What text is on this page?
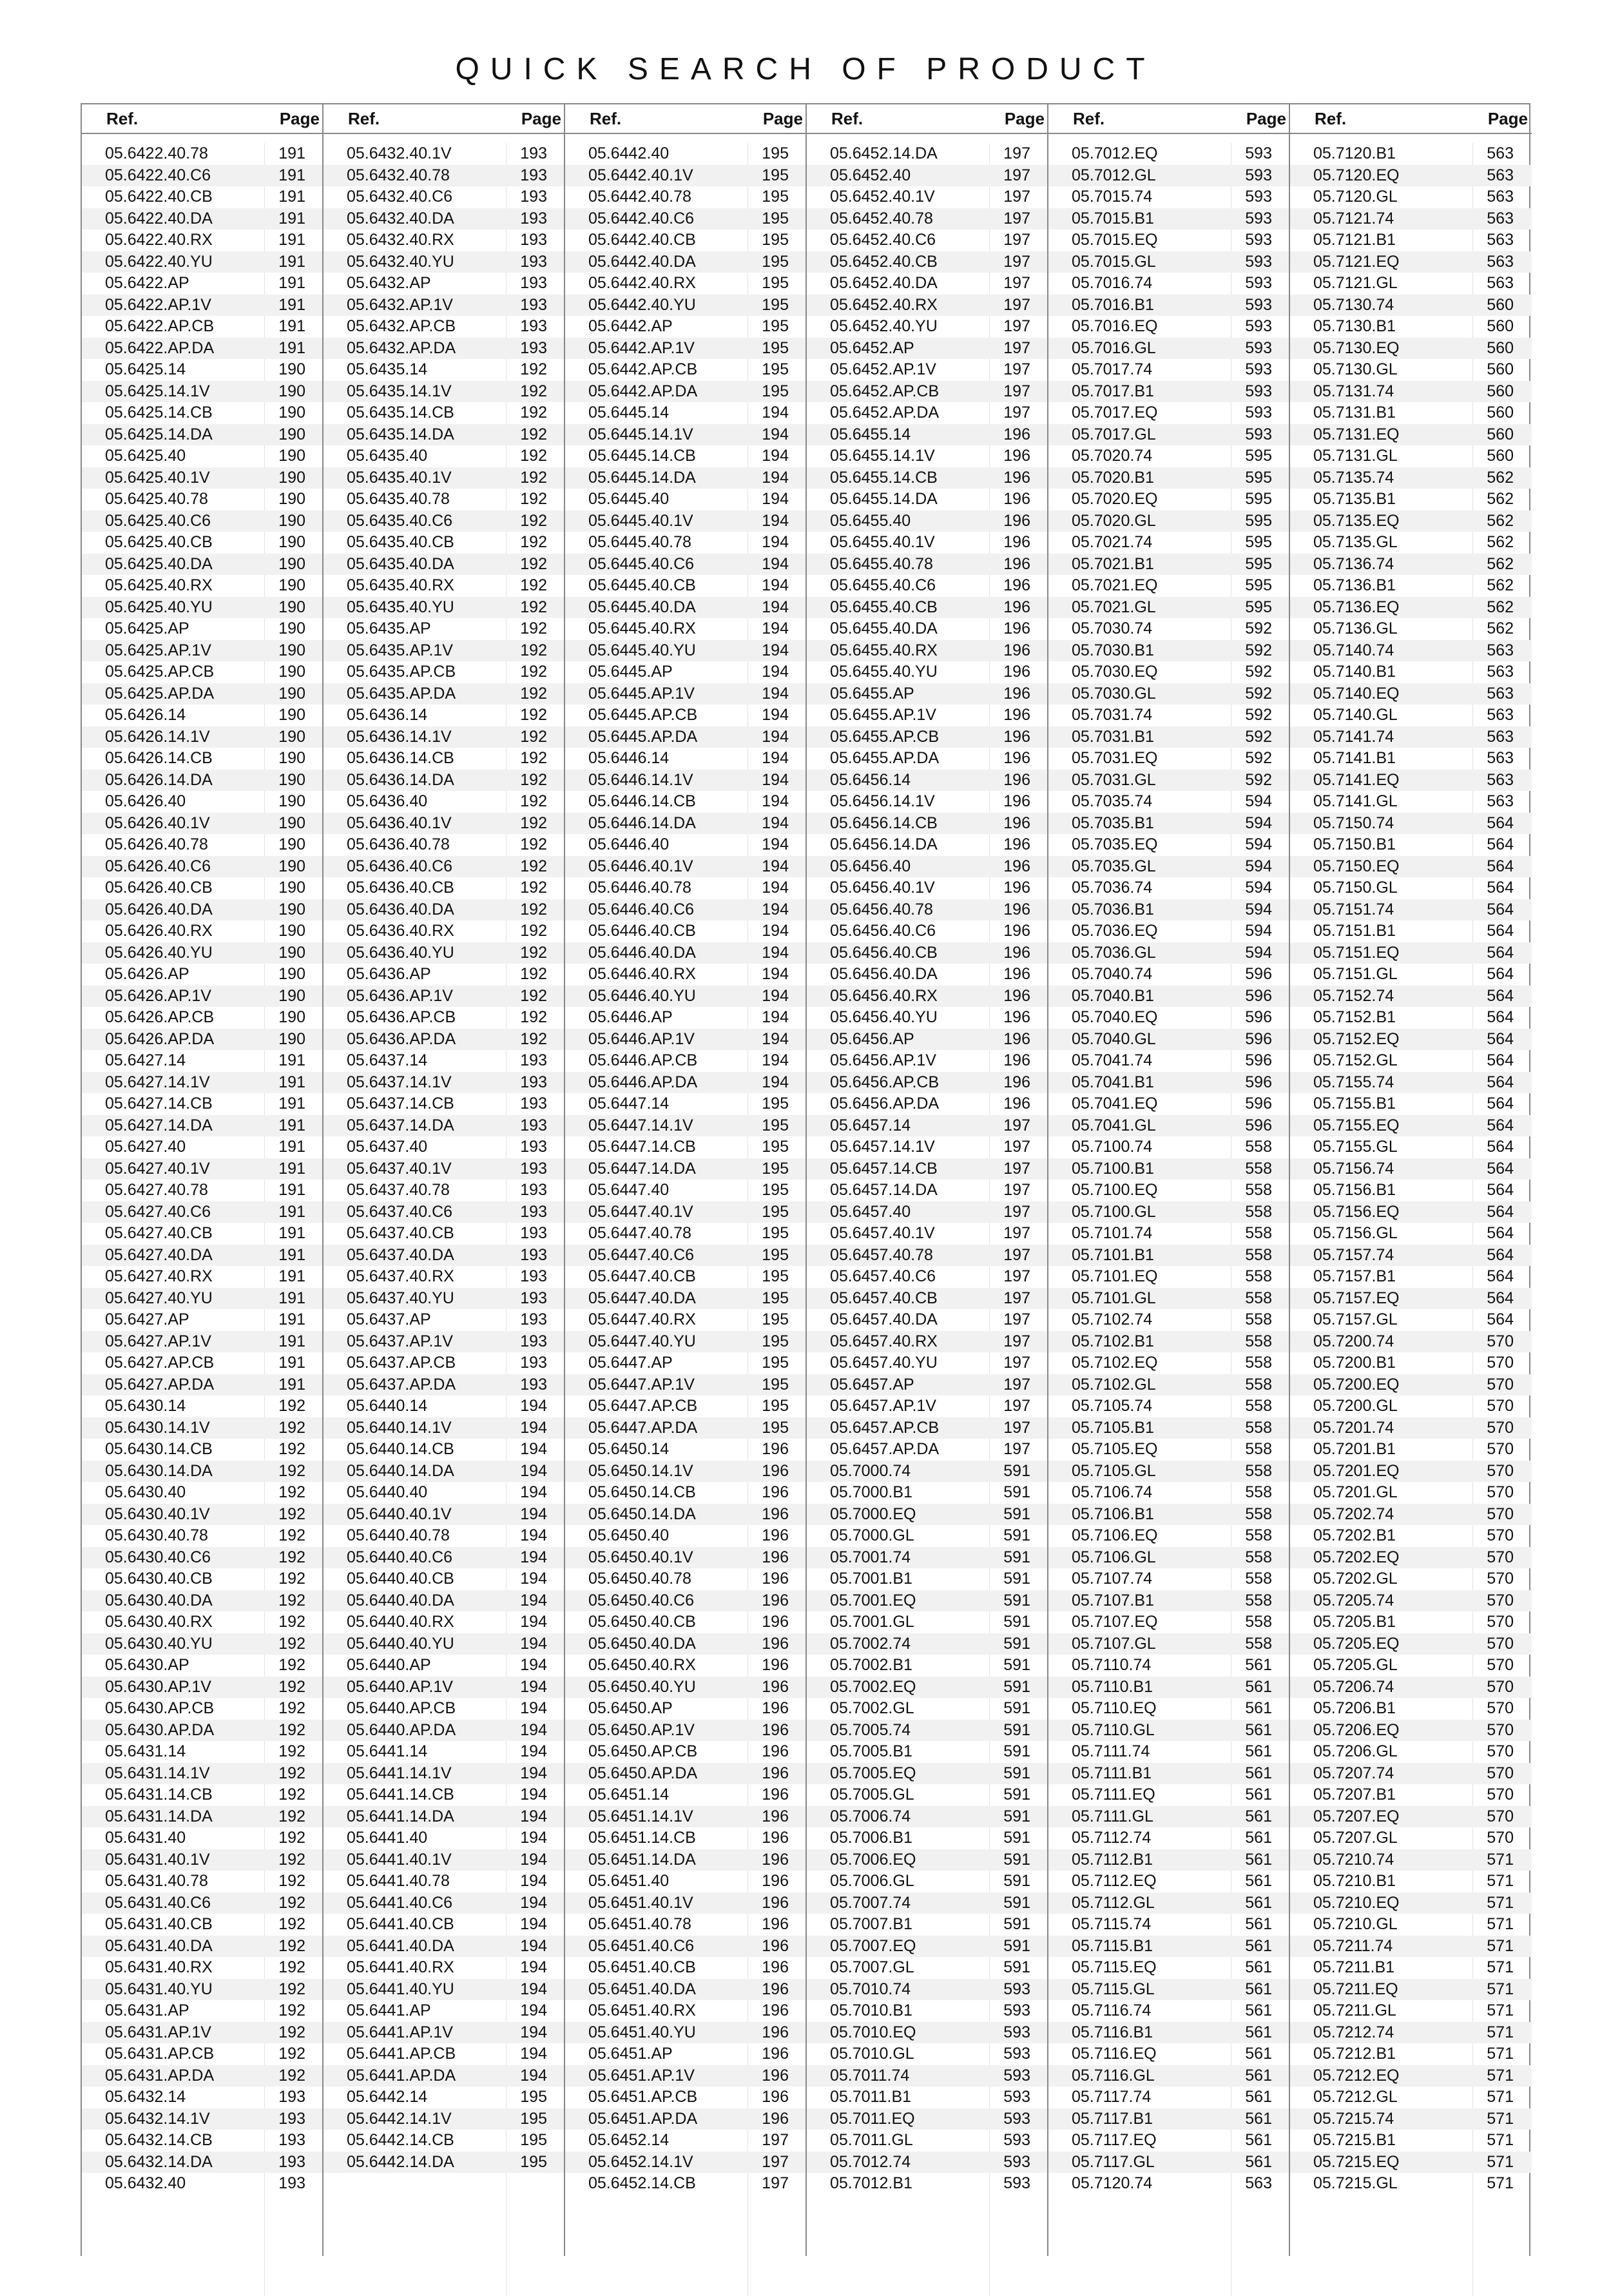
QUICK SEARCH OF PRODUCT
Ref.	Page
05.6422.40.78	191
05.6422.40.C6	191
05.6422.40.CB	191
05.6422.40.DA	191
05.6422.40.RX	191
05.6422.40.YU	191
05.6422.AP	191
05.6422.AP.1V	191
05.6422.AP.CB	191
05.6422.AP.DA	191
05.6425.14	190
05.6425.14.1V	190
05.6425.14.CB	190
05.6425.14.DA	190
05.6425.40	190
05.6425.40.1V	190
05.6425.40.78	190
05.6425.40.C6	190
05.6425.40.CB	190
05.6425.40.DA	190
05.6425.40.RX	190
05.6425.40.YU	190
05.6425.AP	190
05.6425.AP.1V	190
05.6425.AP.CB	190
05.6425.AP.DA	190
05.6426.14	190
05.6426.14.1V	190
05.6426.14.CB	190
05.6426.14.DA	190
05.6426.40	190
05.6426.40.1V	190
05.6426.40.78	190
05.6426.40.C6	190
05.6426.40.CB	190
05.6426.40.DA	190
05.6426.40.RX	190
05.6426.40.YU	190
05.6426.AP	190
05.6426.AP.1V	190
05.6426.AP.CB	190
05.6426.AP.DA	190
05.6427.14	191
05.6427.14.1V	191
05.6427.14.CB	191
05.6427.14.DA	191
05.6427.40	191
05.6427.40.1V	191
05.6427.40.78	191
05.6427.40.C6	191
05.6427.40.CB	191
05.6427.40.DA	191
05.6427.40.RX	191
05.6427.40.YU	191
05.6427.AP	191
05.6427.AP.1V	191
05.6427.AP.CB	191
05.6427.AP.DA	191
05.6430.14	192
05.6430.14.1V	192
05.6430.14.CB	192
05.6430.14.DA	192
05.6430.40	192
05.6430.40.1V	192
05.6430.40.78	192
05.6430.40.C6	192
05.6430.40.CB	192
05.6430.40.DA	192
05.6430.40.RX	192
05.6430.40.YU	192
05.6430.AP	192
05.6430.AP.1V	192
05.6430.AP.CB	192
05.6430.AP.DA	192
05.6431.14	192
05.6431.14.1V	192
05.6431.14.CB	192
05.6431.14.DA	192
05.6431.40	192
05.6431.40.1V	192
05.6431.40.78	192
05.6431.40.C6	192
05.6431.40.CB	192
05.6431.40.DA	192
05.6431.40.RX	192
05.6431.40.YU	192
05.6431.AP	192
05.6431.AP.1V	192
05.6431.AP.CB	192
05.6431.AP.DA	192
05.6432.14	193
05.6432.14.1V	193
05.6432.14.CB	193
05.6432.14.DA	193
05.6432.40	193
Ref.	Page
05.6432.40.1V	193
05.6432.40.78	193
05.6432.40.C6	193
05.6432.40.DA	193
05.6432.40.RX	193
05.6432.40.YU	193
05.6432.AP	193
05.6432.AP.1V	193
05.6432.AP.CB	193
05.6432.AP.DA	193
05.6435.14	192
05.6435.14.1V	192
05.6435.14.CB	192
05.6435.14.DA	192
05.6435.40	192
05.6435.40.1V	192
05.6435.40.78	192
05.6435.40.C6	192
05.6435.40.CB	192
05.6435.40.DA	192
05.6435.40.RX	192
05.6435.40.YU	192
05.6435.AP	192
05.6435.AP.1V	192
05.6435.AP.CB	192
05.6435.AP.DA	192
05.6436.14	192
05.6436.14.1V	192
05.6436.14.CB	192
05.6436.14.DA	192
05.6436.40	192
05.6436.40.1V	192
05.6436.40.78	192
05.6436.40.C6	192
05.6436.40.CB	192
05.6436.40.DA	192
05.6436.40.RX	192
05.6436.40.YU	192
05.6436.AP	192
05.6436.AP.1V	192
05.6436.AP.CB	192
05.6436.AP.DA	192
05.6437.14	193
05.6437.14.1V	193
05.6437.14.CB	193
05.6437.14.DA	193
05.6437.40	193
05.6437.40.1V	193
05.6437.40.78	193
05.6437.40.C6	193
05.6437.40.CB	193
05.6437.40.DA	193
05.6437.40.RX	193
05.6437.40.YU	193
05.6437.AP	193
05.6437.AP.1V	193
05.6437.AP.CB	193
05.6437.AP.DA	193
05.6440.14	194
05.6440.14.1V	194
05.6440.14.CB	194
05.6440.14.DA	194
05.6440.40	194
05.6440.40.1V	194
05.6440.40.78	194
05.6440.40.C6	194
05.6440.40.CB	194
05.6440.40.DA	194
05.6440.40.RX	194
05.6440.40.YU	194
05.6440.AP	194
05.6440.AP.1V	194
05.6440.AP.CB	194
05.6440.AP.DA	194
05.6441.14	194
05.6441.14.1V	194
05.6441.14.CB	194
05.6441.14.DA	194
05.6441.40	194
05.6441.40.1V	194
05.6441.40.78	194
05.6441.40.C6	194
05.6441.40.CB	194
05.6441.40.DA	194
05.6441.40.RX	194
05.6441.40.YU	194
05.6441.AP	194
05.6441.AP.1V	194
05.6441.AP.CB	194
05.6441.AP.DA	194
05.6442.14	195
05.6442.14.1V	195
05.6442.14.CB	195
05.6442.14.DA	195
Ref.	Page
05.6442.40	195
05.6442.40.1V	195
05.6442.40.78	195
05.6442.40.C6	195
05.6442.40.CB	195
05.6442.40.DA	195
05.6442.40.RX	195
05.6442.40.YU	195
05.6442.AP	195
05.6442.AP.1V	195
05.6442.AP.CB	195
05.6442.AP.DA	195
05.6445.14	194
05.6445.14.1V	194
05.6445.14.CB	194
05.6445.14.DA	194
05.6445.40	194
05.6445.40.1V	194
05.6445.40.78	194
05.6445.40.C6	194
05.6445.40.CB	194
05.6445.40.DA	194
05.6445.40.RX	194
05.6445.40.YU	194
05.6445.AP	194
05.6445.AP.1V	194
05.6445.AP.CB	194
05.6445.AP.DA	194
05.6446.14	194
05.6446.14.1V	194
05.6446.14.CB	194
05.6446.14.DA	194
05.6446.40	194
05.6446.40.1V	194
05.6446.40.78	194
05.6446.40.C6	194
05.6446.40.CB	194
05.6446.40.DA	194
05.6446.40.RX	194
05.6446.40.YU	194
05.6446.AP	194
05.6446.AP.1V	194
05.6446.AP.CB	194
05.6446.AP.DA	194
05.6447.14	195
05.6447.14.1V	195
05.6447.14.CB	195
05.6447.14.DA	195
05.6447.40	195
05.6447.40.1V	195
05.6447.40.78	195
05.6447.40.C6	195
05.6447.40.CB	195
05.6447.40.DA	195
05.6447.40.RX	195
05.6447.40.YU	195
05.6447.AP	195
05.6447.AP.1V	195
05.6447.AP.CB	195
05.6447.AP.DA	195
05.6450.14	196
05.6450.14.1V	196
05.6450.14.CB	196
05.6450.14.DA	196
05.6450.40	196
05.6450.40.1V	196
05.6450.40.78	196
05.6450.40.C6	196
05.6450.40.CB	196
05.6450.40.DA	196
05.6450.40.RX	196
05.6450.40.YU	196
05.6450.AP	196
05.6450.AP.1V	196
05.6450.AP.CB	196
05.6450.AP.DA	196
05.6451.14	196
05.6451.14.1V	196
05.6451.14.CB	196
05.6451.14.DA	196
05.6451.40	196
05.6451.40.1V	196
05.6451.40.78	196
05.6451.40.C6	196
05.6451.40.CB	196
05.6451.40.DA	196
05.6451.40.RX	196
05.6451.40.YU	196
05.6451.AP	196
05.6451.AP.1V	196
05.6451.AP.CB	196
05.6451.AP.DA	196
05.6452.14	197
05.6452.14.1V	197
05.6452.14.CB	197
Ref.	Page
05.6452.14.DA	197
05.6452.40	197
05.6452.40.1V	197
05.6452.40.78	197
05.6452.40.C6	197
05.6452.40.CB	197
05.6452.40.DA	197
05.6452.40.RX	197
05.6452.40.YU	197
05.6452.AP	197
05.6452.AP.1V	197
05.6452.AP.CB	197
05.6452.AP.DA	197
05.6455.14	196
05.6455.14.1V	196
05.6455.14.CB	196
05.6455.14.DA	196
05.6455.40	196
05.6455.40.1V	196
05.6455.40.78	196
05.6455.40.C6	196
05.6455.40.CB	196
05.6455.40.DA	196
05.6455.40.RX	196
05.6455.40.YU	196
05.6455.AP	196
05.6455.AP.1V	196
05.6455.AP.CB	196
05.6455.AP.DA	196
05.6456.14	196
05.6456.14.1V	196
05.6456.14.CB	196
05.6456.14.DA	196
05.6456.40	196
05.6456.40.1V	196
05.6456.40.78	196
05.6456.40.C6	196
05.6456.40.CB	196
05.6456.40.DA	196
05.6456.40.RX	196
05.6456.40.YU	196
05.6456.AP	196
05.6456.AP.1V	196
05.6456.AP.CB	196
05.6456.AP.DA	196
05.6457.14	197
05.6457.14.1V	197
05.6457.14.CB	197
05.6457.14.DA	197
05.6457.40	197
05.6457.40.1V	197
05.6457.40.78	197
05.6457.40.C6	197
05.6457.40.CB	197
05.6457.40.DA	197
05.6457.40.RX	197
05.6457.40.YU	197
05.6457.AP	197
05.6457.AP.1V	197
05.6457.AP.CB	197
05.6457.AP.DA	197
05.7000.74	591
05.7000.B1	591
05.7000.EQ	591
05.7000.GL	591
05.7001.74	591
05.7001.B1	591
05.7001.EQ	591
05.7001.GL	591
05.7002.74	591
05.7002.B1	591
05.7002.EQ	591
05.7002.GL	591
05.7005.74	591
05.7005.B1	591
05.7005.EQ	591
05.7005.GL	591
05.7006.74	591
05.7006.B1	591
05.7006.EQ	591
05.7006.GL	591
05.7007.74	591
05.7007.B1	591
05.7007.EQ	591
05.7007.GL	591
05.7010.74	593
05.7010.B1	593
05.7010.EQ	593
05.7010.GL	593
05.7011.74	593
05.7011.B1	593
05.7011.EQ	593
05.7011.GL	593
05.7012.74	593
05.7012.B1	593
Ref.	Page
05.7012.EQ	593
05.7012.GL	593
05.7015.74	593
05.7015.B1	593
05.7015.EQ	593
05.7015.GL	593
05.7016.74	593
05.7016.B1	593
05.7016.EQ	593
05.7016.GL	593
05.7017.74	593
05.7017.B1	593
05.7017.EQ	593
05.7017.GL	593
05.7020.74	595
05.7020.B1	595
05.7020.EQ	595
05.7020.GL	595
05.7021.74	595
05.7021.B1	595
05.7021.EQ	595
05.7021.GL	595
05.7030.74	592
05.7030.B1	592
05.7030.EQ	592
05.7030.GL	592
05.7031.74	592
05.7031.B1	592
05.7031.EQ	592
05.7031.GL	592
05.7035.74	594
05.7035.B1	594
05.7035.EQ	594
05.7035.GL	594
05.7036.74	594
05.7036.B1	594
05.7036.EQ	594
05.7036.GL	594
05.7040.74	596
05.7040.B1	596
05.7040.EQ	596
05.7040.GL	596
05.7041.74	596
05.7041.B1	596
05.7041.EQ	596
05.7041.GL	596
05.7100.74	558
05.7100.B1	558
05.7100.EQ	558
05.7100.GL	558
05.7101.74	558
05.7101.B1	558
05.7101.EQ	558
05.7101.GL	558
05.7102.74	558
05.7102.B1	558
05.7102.EQ	558
05.7102.GL	558
05.7105.74	558
05.7105.B1	558
05.7105.EQ	558
05.7105.GL	558
05.7106.74	558
05.7106.B1	558
05.7106.EQ	558
05.7106.GL	558
05.7107.74	558
05.7107.B1	558
05.7107.EQ	558
05.7107.GL	558
05.7110.74	561
05.7110.B1	561
05.7110.EQ	561
05.7110.GL	561
05.7111.74	561
05.7111.B1	561
05.7111.EQ	561
05.7111.GL	561
05.7112.74	561
05.7112.B1	561
05.7112.EQ	561
05.7112.GL	561
05.7115.74	561
05.7115.B1	561
05.7115.EQ	561
05.7115.GL	561
05.7116.74	561
05.7116.B1	561
05.7116.EQ	561
05.7116.GL	561
05.7117.74	561
05.7117.B1	561
05.7117.EQ	561
05.7117.GL	561
05.7120.74	563
Ref.	Page
05.7120.B1	563
05.7120.EQ	563
05.7120.GL	563
05.7121.74	563
05.7121.B1	563
05.7121.EQ	563
05.7121.GL	563
05.7130.74	560
05.7130.B1	560
05.7130.EQ	560
05.7130.GL	560
05.7131.74	560
05.7131.B1	560
05.7131.EQ	560
05.7131.GL	560
05.7135.74	562
05.7135.B1	562
05.7135.EQ	562
05.7135.GL	562
05.7136.74	562
05.7136.B1	562
05.7136.EQ	562
05.7136.GL	562
05.7140.74	563
05.7140.B1	563
05.7140.EQ	563
05.7140.GL	563
05.7141.74	563
05.7141.B1	563
05.7141.EQ	563
05.7141.GL	563
05.7150.74	564
05.7150.B1	564
05.7150.EQ	564
05.7150.GL	564
05.7151.74	564
05.7151.B1	564
05.7151.EQ	564
05.7151.GL	564
05.7152.74	564
05.7152.B1	564
05.7152.EQ	564
05.7152.GL	564
05.7155.74	564
05.7155.B1	564
05.7155.EQ	564
05.7155.GL	564
05.7156.74	564
05.7156.B1	564
05.7156.EQ	564
05.7156.GL	564
05.7157.74	564
05.7157.B1	564
05.7157.EQ	564
05.7157.GL	564
05.7200.74	570
05.7200.B1	570
05.7200.EQ	570
05.7200.GL	570
05.7201.74	570
05.7201.B1	570
05.7201.EQ	570
05.7201.GL	570
05.7202.74	570
05.7202.B1	570
05.7202.EQ	570
05.7202.GL	570
05.7205.74	570
05.7205.B1	570
05.7205.EQ	570
05.7205.GL	570
05.7206.74	570
05.7206.B1	570
05.7206.EQ	570
05.7206.GL	570
05.7207.74	570
05.7207.B1	570
05.7207.EQ	570
05.7207.GL	570
05.7210.74	571
05.7210.B1	571
05.7210.EQ	571
05.7210.GL	571
05.7211.74	571
05.7211.B1	571
05.7211.EQ	571
05.7211.GL	571
05.7212.74	571
05.7212.B1	571
05.7212.EQ	571
05.7212.GL	571
05.7215.74	571
05.7215.B1	571
05.7215.EQ	571
05.7215.GL	571
